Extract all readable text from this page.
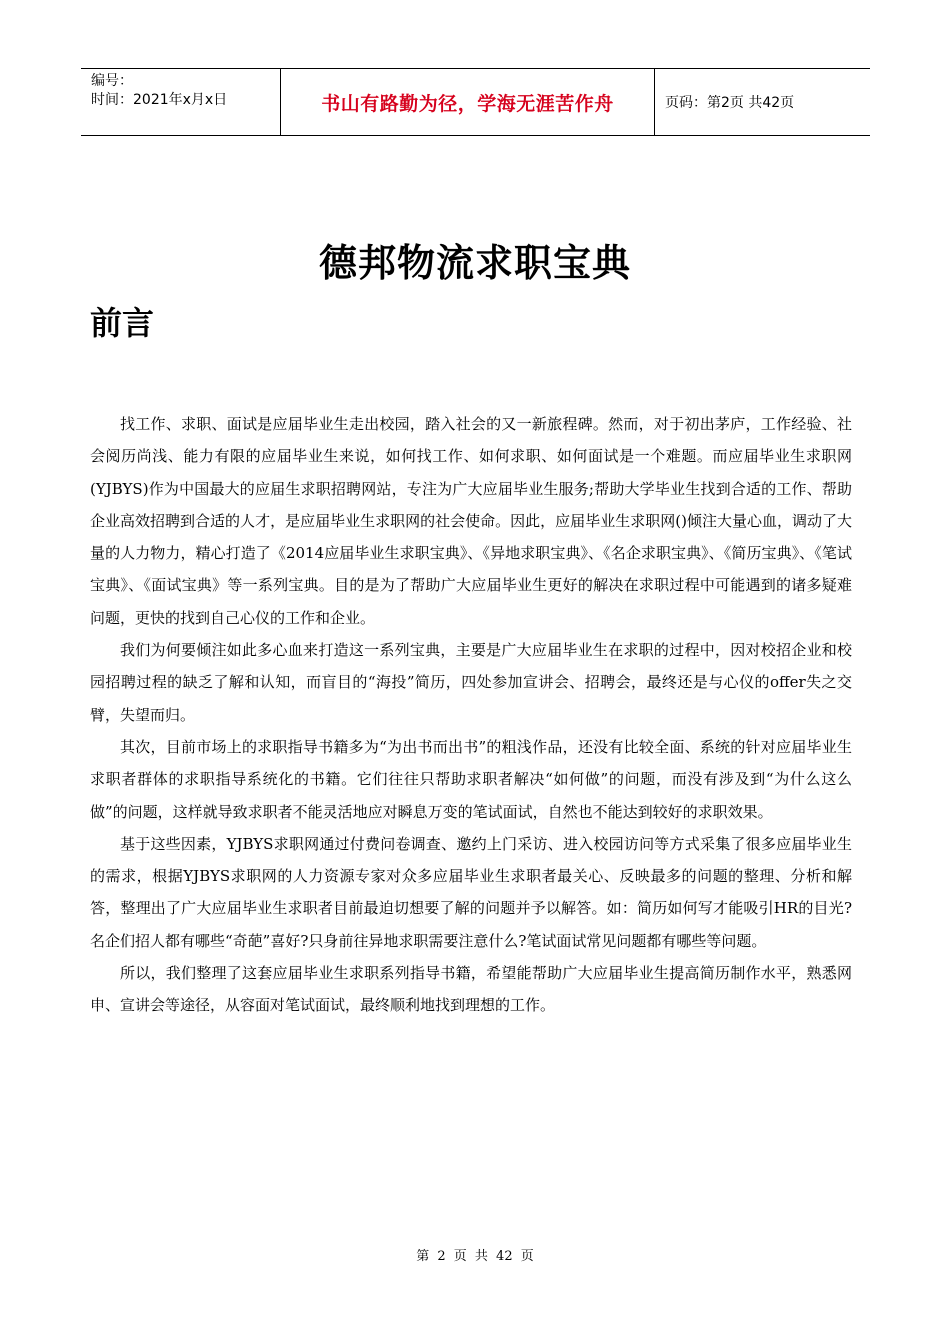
编号：
时间：2021年x月x日	书山有路勤为径，学海无涯苦作舟	页码：第2页 共42页
德邦物流求职宝典
前言

找工作、求职、面试是应届毕业生走出校园，踏入社会的又一新旅程碑。然而，对于初出茅庐，工作经验、社会阅历尚浅、能力有限的应届毕业生来说，如何找工作、如何求职、如何面试是一个难题。而应届毕业生求职网(YJBYS)作为中国最大的应届生求职招聘网站，专注为广大应届毕业生服务;帮助大学毕业生找到合适的工作、帮助企业高效招聘到合适的人才，是应届毕业生求职网的社会使命。因此，应届毕业生求职网()倾注大量心血，调动了大量的人力物力，精心打造了《2014应届毕业生求职宝典》、《异地求职宝典》、《名企求职宝典》、《简历宝典》、《笔试宝典》、《面试宝典》等一系列宝典。目的是为了帮助广大应届毕业生更好的解决在求职过程中可能遇到的诸多疑难问题，更快的找到自己心仪的工作和企业。

我们为何要倾注如此多心血来打造这一系列宝典，主要是广大应届毕业生在求职的过程中，因对校招企业和校园招聘过程的缺乏了解和认知，而盲目的“海投”简历，四处参加宣讲会、招聘会，最终还是与心仪的offer失之交臂，失望而归。

其次，目前市场上的求职指导书籍多为“为出书而出书”的粗浅作品，还没有比较全面、系统的针对应届毕业生求职者群体的求职指导系统化的书籍。它们往往只帮助求职者解决“如何做”的问题，而没有涉及到“为什么这么做”的问题，这样就导致求职者不能灵活地应对瞬息万变的笔试面试，自然也不能达到较好的求职效果。

基于这些因素，YJBYS求职网通过付费问卷调查、邀约上门采访、进入校园访问等方式采集了很多应届毕业生的需求，根据YJBYS求职网的人力资源专家对众多应届毕业生求职者最关心、反映最多的问题的整理、分析和解答，整理出了广大应届毕业生求职者目前最迫切想要了解的问题并予以解答。如：简历如何写才能吸引HR的目光?名企们招人都有哪些“奇葩”喜好?只身前往异地求职需要注意什么?笔试面试常见问题都有哪些等问题。

所以，我们整理了这套应届毕业生求职系列指导书籍，希望能帮助广大应届毕业生提高简历制作水平，熟悉网申、宣讲会等途径，从容面对笔试面试，最终顺利地找到理想的工作。

第 2 页 共 42 页
